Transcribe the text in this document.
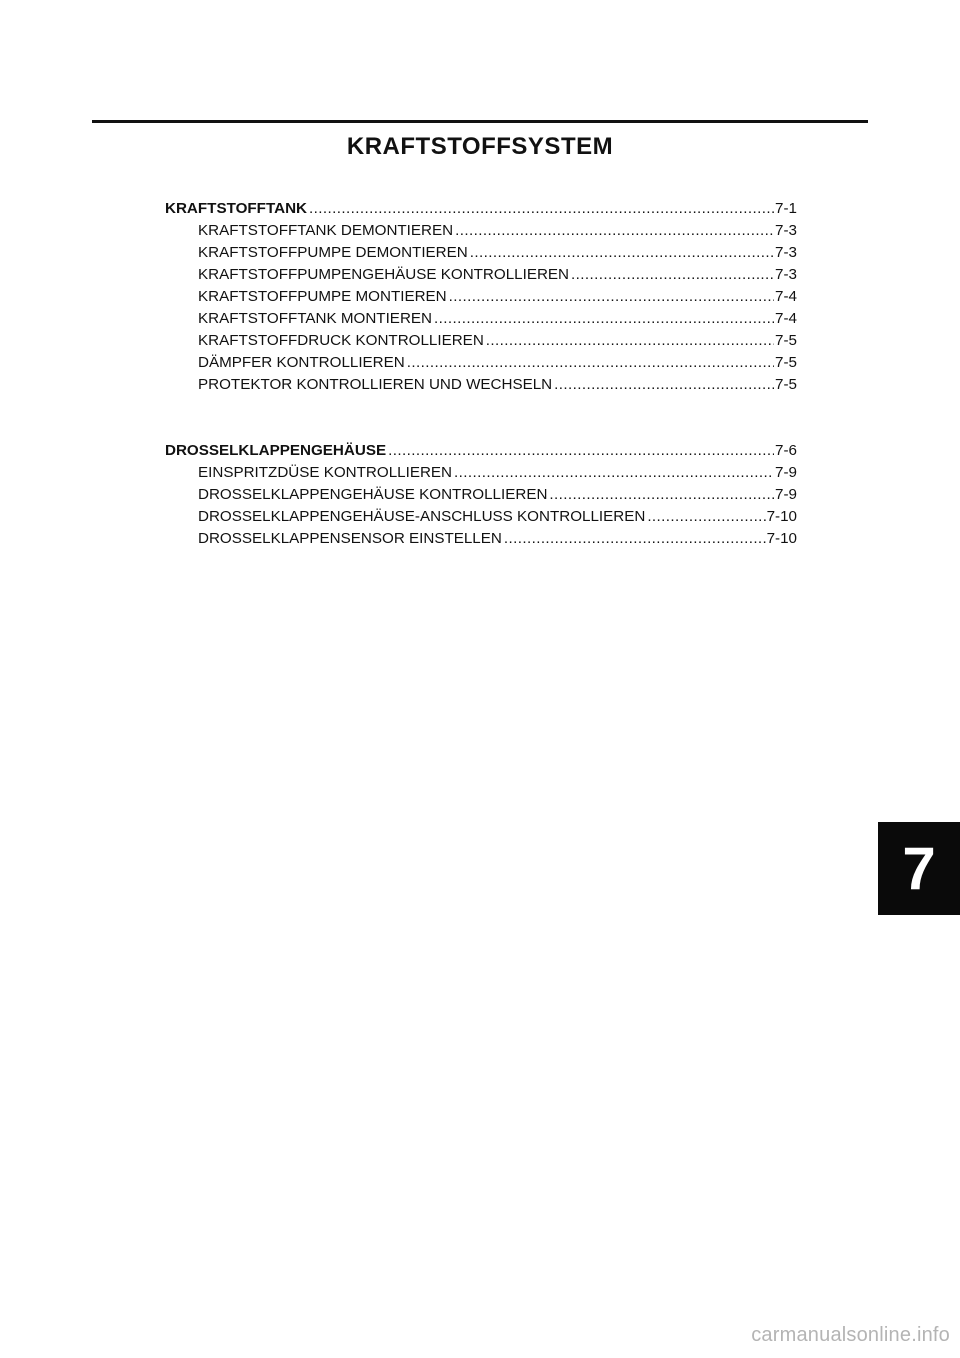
KRAFTSTOFFSYSTEM
KRAFTSTOFFTANK .....	7-1
KRAFTSTOFFTANK DEMONTIEREN .....	7-3
KRAFTSTOFFPUMPE DEMONTIEREN .....	7-3
KRAFTSTOFFPUMPENGEHÄUSE KONTROLLIEREN .....	7-3
KRAFTSTOFFPUMPE MONTIEREN .....	7-4
KRAFTSTOFFTANK MONTIEREN .....	7-4
KRAFTSTOFFDRUCK KONTROLLIEREN .....	7-5
DÄMPFER KONTROLLIEREN .....	7-5
PROTEKTOR KONTROLLIEREN UND WECHSELN .....	7-5
DROSSELKLAPPENGEHÄUSE .....	7-6
EINSPRITZDÜSE KONTROLLIEREN .....	7-9
DROSSELKLAPPENGEHÄUSE KONTROLLIEREN .....	7-9
DROSSELKLAPPENGEHÄUSE-ANSCHLUSS KONTROLLIEREN .....	7-10
DROSSELKLAPPENSENSOR EINSTELLEN .....	7-10
7
carmanualsonline.info
